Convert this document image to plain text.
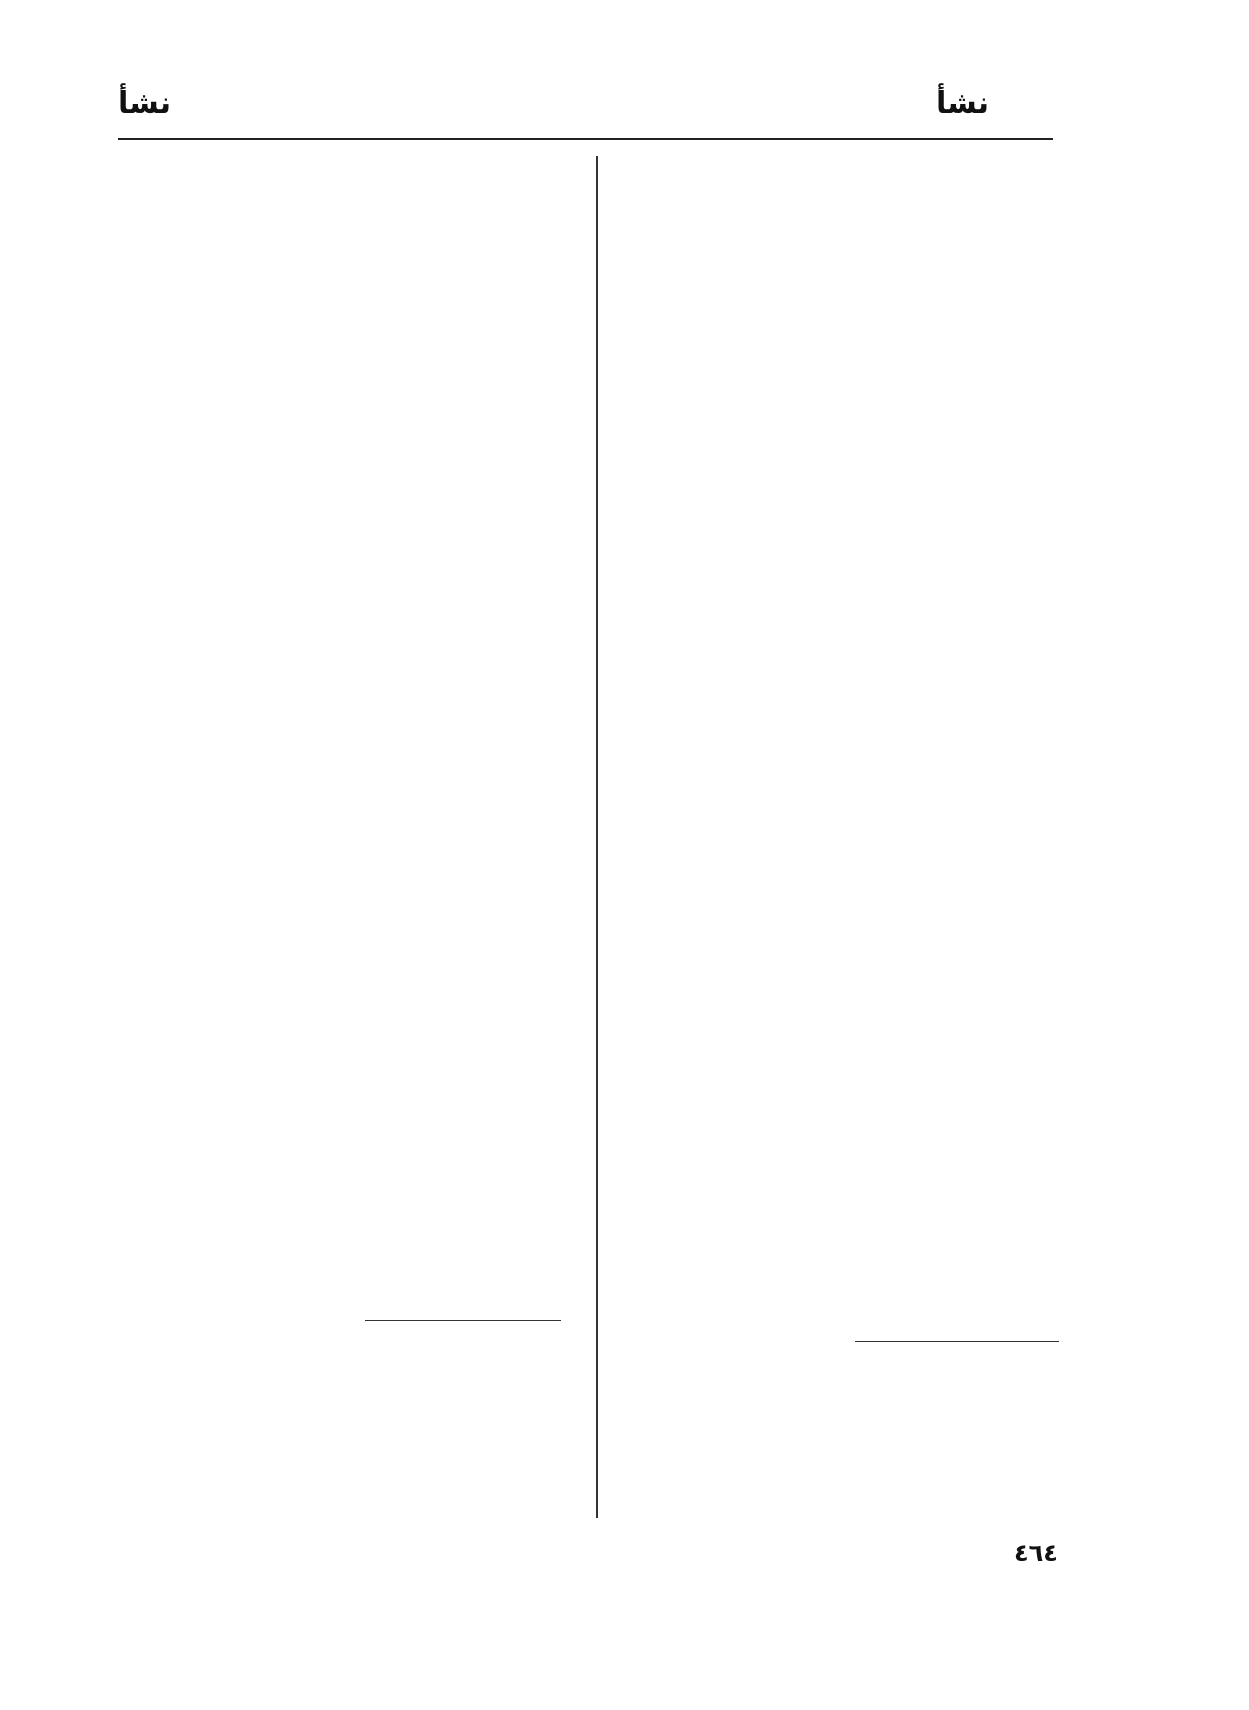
نشأ
نشأ
٤٦٤
